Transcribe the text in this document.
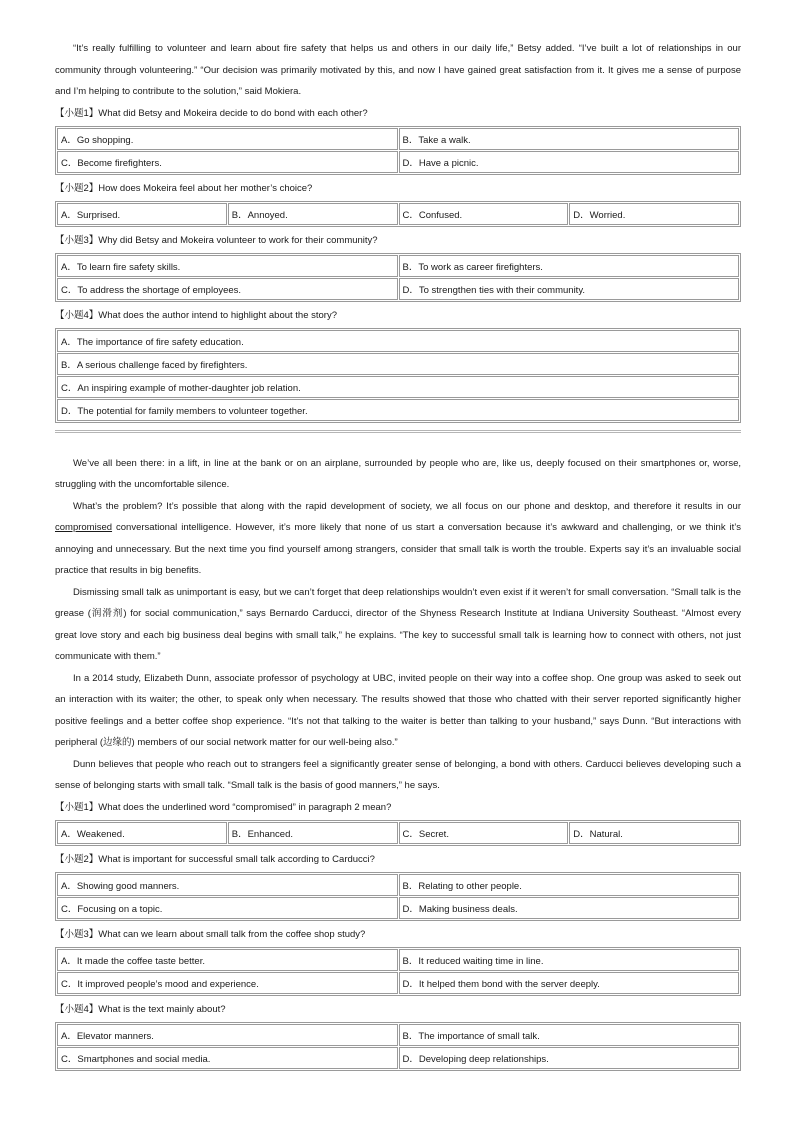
“It’s really fulfilling to volunteer and learn about fire safety that helps us and others in our daily life,” Betsy added. “I’ve built a lot of relationships in our community through volunteering.” “Our decision was primarily motivated by this, and now I have gained great satisfaction from it. It gives me a sense of purpose and I’m helping to contribute to the solution,” said Mokiera.

【小题1】What did Betsy and Mokeira decide to do bond with each other?

A．Go shopping.	B．Take a walk.
C．Become firefighters.	D．Have a picnic.

【小题2】How does Mokeira feel about her mother’s choice?

A．Surprised.	B．Annoyed.	C．Confused.	D．Worried.

【小题3】Why did Betsy and Mokeira volunteer to work for their community?

A．To learn fire safety skills.	B．To work as career firefighters.
C．To address the shortage of employees.	D．To strengthen ties with their community.

【小题4】What does the author intend to highlight about the story?

A．The importance of fire safety education.
B．A serious challenge faced by firefighters.
C．An inspiring example of mother-daughter job relation.
D．The potential for family members to volunteer together.

We’ve all been there: in a lift, in line at the bank or on an airplane, surrounded by people who are, like us, deeply focused on their smartphones or, worse, struggling with the uncomfortable silence.

What’s the problem? It’s possible that along with the rapid development of society, we all focus on our phone and desktop, and therefore it results in our compromised conversational intelligence. However, it’s more likely that none of us start a conversation because it’s awkward and challenging, or we think it’s annoying and unnecessary. But the next time you find yourself among strangers, consider that small talk is worth the trouble. Experts say it’s an invaluable social practice that results in big benefits.

Dismissing small talk as unimportant is easy, but we can’t forget that deep relationships wouldn’t even exist if it weren’t for small conversation. “Small talk is the grease (润滑剂) for social communication,” says Bernardo Carducci, director of the Shyness Research Institute at Indiana University Southeast. “Almost every great love story and each big business deal begins with small talk,” he explains. “The key to successful small talk is learning how to connect with others, not just communicate with them.”

In a 2014 study, Elizabeth Dunn, associate professor of psychology at UBC, invited people on their way into a coffee shop. One group was asked to seek out an interaction with its waiter; the other, to speak only when necessary. The results showed that those who chatted with their server reported significantly higher positive feelings and a better coffee shop experience. “It’s not that talking to the waiter is better than talking to your husband,” says Dunn. “But interactions with peripheral (边缘的) members of our social network matter for our well-being also.”

Dunn believes that people who reach out to strangers feel a significantly greater sense of belonging, a bond with others. Carducci believes developing such a sense of belonging starts with small talk. “Small talk is the basis of good manners,” he says.

【小题1】What does the underlined word “compromised” in paragraph 2 mean?

A．Weakened.	B．Enhanced.	C．Secret.	D．Natural.

【小题2】What is important for successful small talk according to Carducci?

A．Showing good manners.	B．Relating to other people.
C．Focusing on a topic.	D．Making business deals.

【小题3】What can we learn about small talk from the coffee shop study?

A．It made the coffee taste better.	B．It reduced waiting time in line.
C．It improved people’s mood and experience.	D．It helped them bond with the server deeply.

【小题4】What is the text mainly about?

A．Elevator manners.	B．The importance of small talk.
C．Smartphones and social media.	D．Developing deep relationships.
